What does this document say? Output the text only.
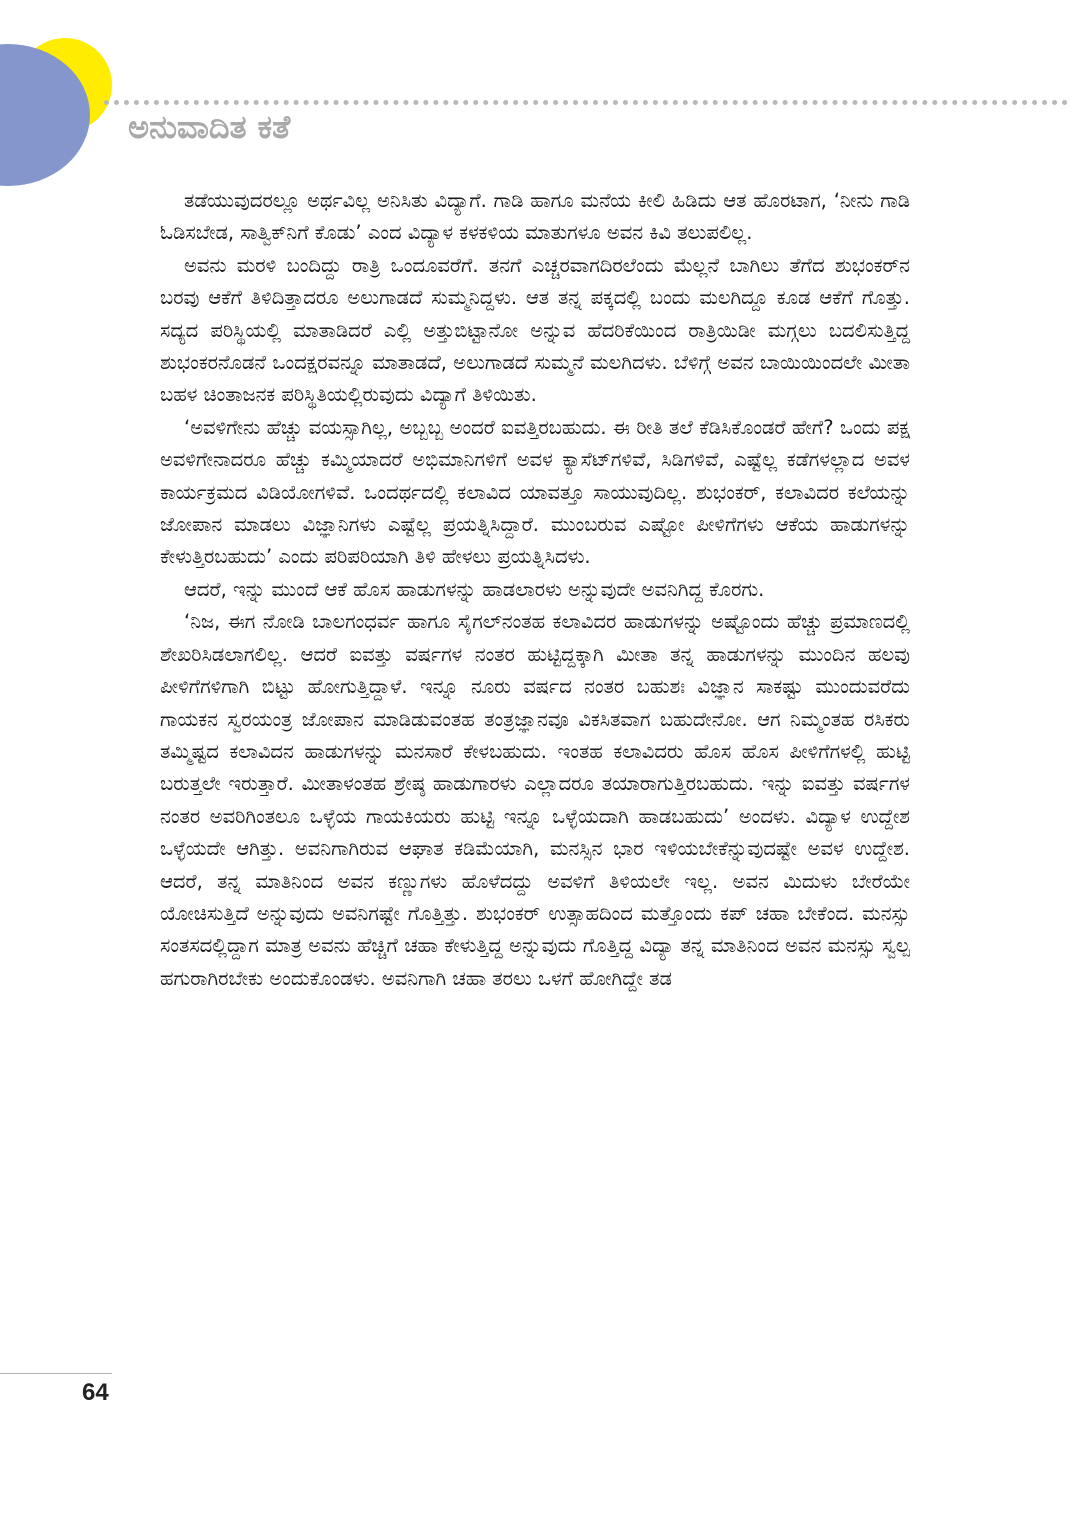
ಅನುವಾದಿತ ಕತೆ

ತಡೆಯುವುದರಲ್ಲೂ ಅರ್ಥವಿಲ್ಲ ಅನಿಸಿತು ವಿದ್ಯಾಗೆ. ಗಾಡಿ ಹಾಗೂ ಮನೆಯ ಕೀಲಿ ಹಿಡಿದು ಆತ ಹೊರಟಾಗ, ‘ನೀನು ಗಾಡಿ ಓಡಿಸಬೇಡ, ಸಾತ್ವಿಕ್‌ನಿಗೆ ಕೊಡು’ ಎಂದ ವಿದ್ಯಾಳ ಕಳಕಳಿಯ ಮಾತುಗಳೂ ಅವನ ಕಿವಿ ತಲುಪಲಿಲ್ಲ.

ಅವನು ಮರಳಿ ಬಂದಿದ್ದು ರಾತ್ರಿ ಒಂದೂವರೆಗೆ. ತನಗೆ ಎಚ್ಚರವಾಗದಿರಲೆಂದು ಮೆಲ್ಲನೆ ಬಾಗಿಲು ತೆಗೆದ ಶುಭಂಕರ್‌ನ ಬರವು ಆಕೆಗೆ ತಿಳಿದಿತ್ತಾದರೂ ಅಲುಗಾಡದೆ ಸುಮ್ಮನಿದ್ದಳು. ಆತ ತನ್ನ ಪಕ್ಕದಲ್ಲಿ ಬಂದು ಮಲಗಿದ್ದೂ ಕೂಡ ಆಕೆಗೆ ಗೊತ್ತು. ಸದ್ಯದ ಪರಿಸ್ಥಿಯಲ್ಲಿ ಮಾತಾಡಿದರೆ ಎಲ್ಲಿ ಅತ್ತುಬಿಟ್ಟಾನೋ ಅನ್ನುವ ಹೆದರಿಕೆಯಿಂದ ರಾತ್ರಿಯಿಡೀ ಮಗ್ಗಲು ಬದಲಿಸುತ್ತಿದ್ದ ಶುಭಂಕರನೊಡನೆ ಒಂದಕ್ಷರವನ್ನೂ ಮಾತಾಡದೆ, ಅಲುಗಾಡದೆ ಸುಮ್ಮನೆ ಮಲಗಿದಳು. ಬೆಳಿಗ್ಗೆ ಅವನ ಬಾಯಿಯಿಂದಲೇ ಮೀತಾ ಬಹಳ ಚಿಂತಾಜನಕ ಪರಿಸ್ಥಿತಿಯಲ್ಲಿರುವುದು ವಿದ್ಯಾಗೆ ತಿಳಿಯಿತು.

‘ಅವಳಿಗೇನು ಹೆಚ್ಚು ವಯಸ್ಸಾಗಿಲ್ಲ, ಅಬ್ಬಬ್ಬ ಅಂದರೆ ಐವತ್ತಿರಬಹುದು. ಈ ರೀತಿ ತಲೆ ಕೆಡಿಸಿಕೊಂಡರೆ ಹೇಗೆ? ಒಂದು ಪಕ್ಷ ಅವಳಿಗೇನಾದರೂ ಹೆಚ್ಚು ಕಮ್ಮಿಯಾದರೆ ಅಭಿಮಾನಿಗಳಿಗೆ ಅವಳ ಕ್ಯಾಸೆಟ್‌ಗಳಿವೆ, ಸಿಡಿಗಳಿವೆ, ಎಷ್ಟೆಲ್ಲ ಕಡೆಗಳಲ್ಲಾದ ಅವಳ ಕಾರ್ಯಕ್ರಮದ ವಿಡಿಯೋಗಳಿವೆ. ಒಂದರ್ಥದಲ್ಲಿ ಕಲಾವಿದ ಯಾವತ್ತೂ ಸಾಯುವುದಿಲ್ಲ. ಶುಭಂಕರ್, ಕಲಾವಿದರ ಕಲೆಯನ್ನು ಜೋಪಾನ ಮಾಡಲು ವಿಜ್ಞಾನಿಗಳು ಎಷ್ಟೆಲ್ಲ ಪ್ರಯತ್ನಿಸಿದ್ದಾರೆ. ಮುಂಬರುವ ಎಷ್ಟೋ ಪೀಳಿಗೆಗಳು ಆಕೆಯ ಹಾಡುಗಳನ್ನು ಕೇಳುತ್ತಿರಬಹುದು’ ಎಂದು ಪರಿಪರಿಯಾಗಿ ತಿಳಿ ಹೇಳಲು ಪ್ರಯತ್ನಿಸಿದಳು.

ಆದರೆ, ಇನ್ನು ಮುಂದೆ ಆಕೆ ಹೊಸ ಹಾಡುಗಳನ್ನು ಹಾಡಲಾರಳು ಅನ್ನುವುದೇ ಅವನಿಗಿದ್ದ ಕೊರಗು.

‘ನಿಜ, ಈಗ ನೋಡಿ ಬಾಲಗಂಧರ್ವ ಹಾಗೂ ಸೈಗಲ್‌ನಂತಹ ಕಲಾವಿದರ ಹಾಡುಗಳನ್ನು ಅಷ್ಟೊಂದು ಹೆಚ್ಚು ಪ್ರಮಾಣದಲ್ಲಿ ಶೇಖರಿಸಿಡಲಾಗಲಿಲ್ಲ. ಆದರೆ ಐವತ್ತು ವರ್ಷಗಳ ನಂತರ ಹುಟ್ಟಿದ್ದಕ್ಕಾಗಿ ಮೀತಾ ತನ್ನ ಹಾಡುಗಳನ್ನು ಮುಂದಿನ ಹಲವು ಪೀಳಿಗೆಗಳಿಗಾಗಿ ಬಿಟ್ಟು ಹೋಗುತ್ತಿದ್ದಾಳೆ. ಇನ್ನೂ ನೂರು ವರ್ಷದ ನಂತರ ಬಹುಶಃ ವಿಜ್ಞಾನ ಸಾಕಷ್ಟು ಮುಂದುವರೆದು ಗಾಯಕನ ಸ್ವರಯಂತ್ರ ಜೋಪಾನ ಮಾಡಿಡುವಂತಹ ತಂತ್ರಜ್ಞಾನವೂ ವಿಕಸಿತವಾಗ ಬಹುದೇನೋ. ಆಗ ನಿಮ್ಮಂತಹ ರಸಿಕರು ತಮ್ಮಿಷ್ಟದ ಕಲಾವಿದನ ಹಾಡುಗಳನ್ನು ಮನಸಾರೆ ಕೇಳಬಹುದು. ಇಂತಹ ಕಲಾವಿದರು ಹೊಸ ಹೊಸ ಪೀಳಿಗೆಗಳಲ್ಲಿ ಹುಟ್ಟಿ ಬರುತ್ತಲೇ ಇರುತ್ತಾರೆ. ಮೀತಾಳಂತಹ ಶ್ರೇಷ್ಠ ಹಾಡುಗಾರಳು ಎಲ್ಲಾದರೂ ತಯಾರಾಗುತ್ತಿರಬಹುದು. ಇನ್ನು ಐವತ್ತು ವರ್ಷಗಳ ನಂತರ ಅವರಿಗಿಂತಲೂ ಒಳ್ಳೆಯ ಗಾಯಕಿಯರು ಹುಟ್ಟಿ ಇನ್ನೂ ಒಳ್ಳೆಯದಾಗಿ ಹಾಡಬಹುದು’ ಅಂದಳು. ವಿದ್ಯಾಳ ಉದ್ದೇಶ ಒಳ್ಳೆಯದೇ ಆಗಿತ್ತು. ಅವನಿಗಾಗಿರುವ ಆಘಾತ ಕಡಿಮೆಯಾಗಿ, ಮನಸ್ಸಿನ ಭಾರ ಇಳಿಯಬೇಕೆನ್ನುವುದಷ್ಟೇ ಅವಳ ಉದ್ದೇಶ. ಆದರೆ, ತನ್ನ ಮಾತಿನಿಂದ ಅವನ ಕಣ್ಣುಗಳು ಹೊಳೆದದ್ದು ಅವಳಿಗೆ ತಿಳಿಯಲೇ ಇಲ್ಲ. ಅವನ ಮಿದುಳು ಬೇರೆಯೇ ಯೋಚಿಸುತ್ತಿದೆ ಅನ್ನುವುದು ಅವನಿಗಷ್ಟೇ ಗೊತ್ತಿತ್ತು. ಶುಭಂಕರ್ ಉತ್ಸಾಹದಿಂದ ಮತ್ತೊಂದು ಕಪ್ ಚಹಾ ಬೇಕೆಂದ. ಮನಸ್ಸು ಸಂತಸದಲ್ಲಿದ್ದಾಗ ಮಾತ್ರ ಅವನು ಹೆಚ್ಚಿಗೆ ಚಹಾ ಕೇಳುತ್ತಿದ್ದ ಅನ್ನುವುದು ಗೊತ್ತಿದ್ದ ವಿದ್ಯಾ ತನ್ನ ಮಾತಿನಿಂದ ಅವನ ಮನಸ್ಸು ಸ್ವಲ್ಪ ಹಗುರಾಗಿರಬೇಕು ಅಂದುಕೊಂಡಳು. ಅವನಿಗಾಗಿ ಚಹಾ ತರಲು ಒಳಗೆ ಹೋಗಿದ್ದೇ ತಡ

64
